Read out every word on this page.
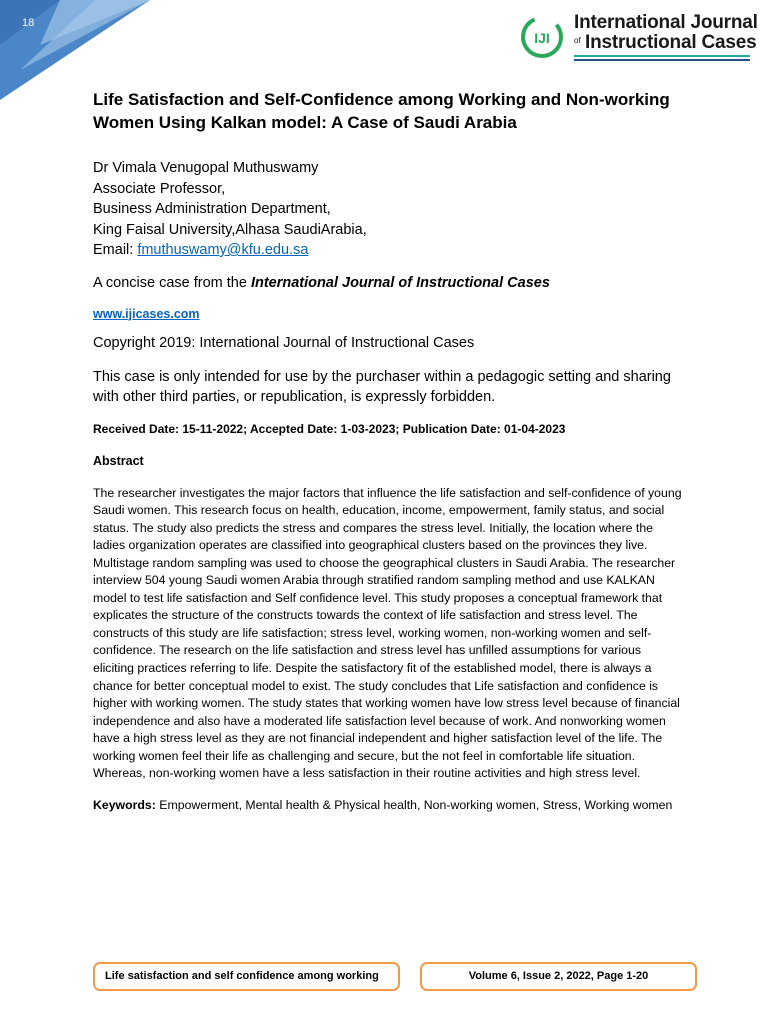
18
IJI
International Journal
of Instructional Cases
Life Satisfaction and Self-Confidence among Working and Non-working Women Using Kalkan model: A Case of Saudi Arabia
Dr Vimala Venugopal Muthuswamy
Associate Professor,
Business Administration Department,
King Faisal University,Alhasa SaudiArabia,
Email: fmuthuswamy@kfu.edu.sa
A concise case from the International Journal of Instructional Cases
www.ijicases.com
Copyright 2019: International Journal of Instructional Cases
This case is only intended for use by the purchaser within a pedagogic setting and sharing with other third parties, or republication, is expressly forbidden.
Received Date: 15-11-2022; Accepted Date: 1-03-2023; Publication Date: 01-04-2023
Abstract
The researcher investigates the major factors that influence the life satisfaction and self-confidence of young Saudi women. This research focus on health, education, income, empowerment, family status, and social status. The study also predicts the stress and compares the stress level. Initially, the location where the ladies organization operates are classified into geographical clusters based on the provinces they live. Multistage random sampling was used to choose the geographical clusters in Saudi Arabia. The researcher interview 504 young Saudi women Arabia through stratified random sampling method and use KALKAN model to test life satisfaction and Self confidence level. This study proposes a conceptual framework that explicates the structure of the constructs towards the context of life satisfaction and stress level. The constructs of this study are life satisfaction; stress level, working women, non-working women and self-confidence. The research on the life satisfaction and stress level has unfilled assumptions for various eliciting practices referring to life. Despite the satisfactory fit of the established model, there is always a chance for better conceptual model to exist. The study concludes that Life satisfaction and confidence is higher with working women. The study states that working women have low stress level because of financial independence and also have a moderated life satisfaction level because of work. And nonworking women have a high stress level as they are not financial independent and higher satisfaction level of the life. The working women feel their life as challenging and secure, but the not feel in comfortable life situation. Whereas, non-working women have a less satisfaction in their routine activities and high stress level.
Keywords: Empowerment, Mental health & Physical health, Non-working women, Stress, Working women
Life satisfaction and self confidence among working	Volume 6, Issue 2, 2022, Page 1-20
